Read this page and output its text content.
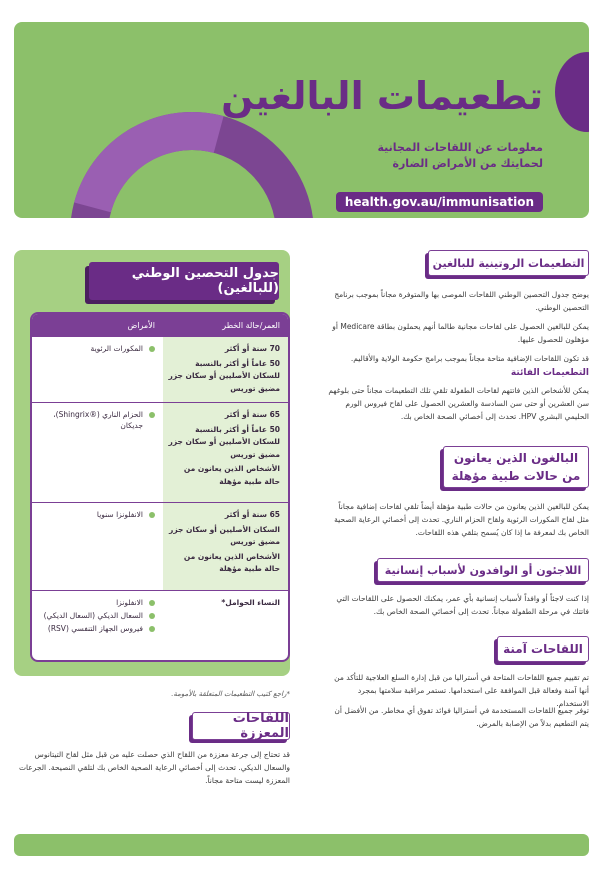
تطعيمات البالغين
معلومات عن اللقاحات المجانية لحمايتك من الأمراض الضارة
health.gov.au/immunisation
جدول التحصين الوطني (للبالغين)
العمر/حالة الخطر
الأمراض

70 سنة أو أكثر

50 عاماً أو أكثر بالنسبة للسكان الأصليين أو سكان جزر مضيق توريس

المكورات الرئوية

65 سنة أو أكثر

50 عاماً أو أكثر بالنسبة للسكان الأصليين أو سكان جزر مضيق توريس

الأشخاص الذين يعانون من حالة طبية مؤهلة

الحزام الناري (®Shingrix)، جديكان

65 سنة أو أكثر

السكان الأصليين أو سكان جزر مضيق توريس

الأشخاص الذين يعانون من حالة طبية مؤهلة

الانفلونزا سنويا

النساء الحوامل*

الانفلونزا
السعال الديكي (السعال الديكي)
فيروس الجهاز التنفسي (RSV)
*راجع كتيب التطعيمات المتعلقة بالأمومة.
اللقاحات المعززة
قد تحتاج إلى جرعة معززة من اللقاح الذي حصلت عليه من قبل مثل لقاح التيتانوس والسعال الديكي. تحدث إلى أخصائي الرعاية الصحية الخاص بك لتلقي النصيحة. الجرعات المعززة ليست متاحة مجاناً.
التطعيمات الروتينية للبالغين
يوضح جدول التحصين الوطني اللقاحات الموصى بها والمتوفرة مجاناً بموجب برنامج التحصين الوطني.
يمكن للبالغين الحصول على لقاحات مجانية طالما أنهم يحملون بطاقة Medicare أو مؤهلون للحصول عليها.
قد تكون اللقاحات الإضافية متاحة مجاناً بموجب برامج حكومة الولاية والأقاليم.
التطعيمات الفائتة
يمكن للأشخاص الذين فاتتهم لقاحات الطفولة تلقي تلك التطعيمات مجاناً حتى بلوغهم سن العشرين أو حتى سن السادسة والعشرين الحصول على لقاح فيروس الورم الحليمي البشري HPV. تحدث إلى أخصائي الصحة الخاص بك.
البالغون الذين يعانون من حالات طبية مؤهلة
يمكن للبالغين الذين يعانون من حالات طبية مؤهلة أيضاً تلقي لقاحات إضافية مجاناً مثل لقاح المكورات الرئوية ولقاح الحزام الناري. تحدث إلى أخصائي الرعاية الصحية الخاص بك لمعرفة ما إذا كان يُسمح بتلقي هذه اللقاحات.
اللاجئون أو الوافدون لأسباب إنسانية
إذا كنت لاجئاً أو وافداً لأسباب إنسانية بأي عمر، يمكنك الحصول على اللقاحات التي فاتتك في مرحلة الطفولة مجاناً. تحدث إلى أخصائي الصحة الخاص بك.
اللقاحات آمنة
تم تقييم جميع اللقاحات المتاحة في أستراليا من قبل إدارة السلع العلاجية للتأكد من أنها آمنة وفعالة قبل الموافقة على استخدامها. تستمر مراقبة سلامتها بمجرد الاستخدام.
توفر جميع اللقاحات المستخدمة في أستراليا فوائد تفوق أي مخاطر. من الأفضل أن يتم التطعيم بدلاً من الإصابة بالمرض.
